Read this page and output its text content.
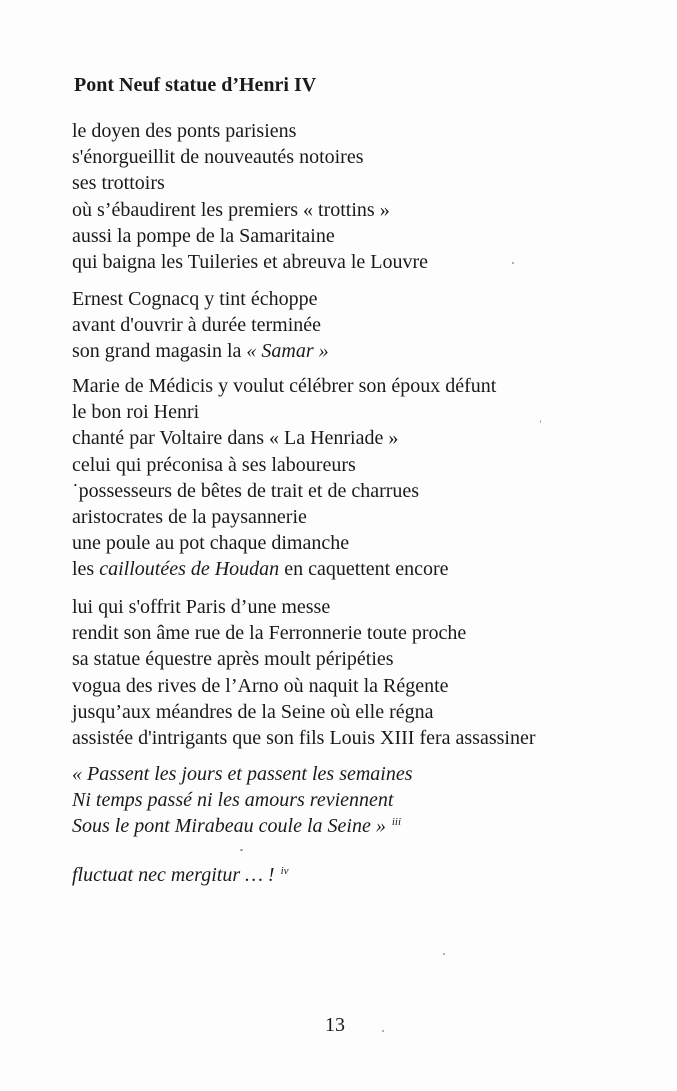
Pont Neuf statue d’Henri IV
le doyen des ponts parisiens
s'énorgueillit de nouveautés notoires
ses trottoirs
où s’ébaudirent les premiers « trottins »
aussi la pompe de la Samaritaine
qui baigna les Tuileries et abreuva le Louvre
Ernest Cognacq y tint échoppe
avant d'ouvrir à durée terminée
son grand magasin la « Samar »
Marie de Médicis y voulut célébrer son époux défunt
le bon roi Henri
chanté par Voltaire dans « La Henriade »
celui qui préconisa à ses laboureurs
˙possesseurs de bêtes de trait et de charrues
aristocrates de la paysannerie
une poule au pot chaque dimanche
les cailloutées de Houdan en caquettent encore
lui qui s'offrit Paris d’une messe
rendit son âme rue de la Ferronnerie toute proche
sa statue équestre après moult péripéties
vogua des rives de l’Arno où naquit la Régente
jusqu’aux méandres de la Seine où elle régna
assistée d'intrigants que son fils Louis XIII fera assassiner
« Passent les jours et passent les semaines
Ni temps passé ni les amours reviennent
Sous le pont Mirabeau coule la Seine » $^{iii}$
fluctuat nec mergitur … ! $^{iv}$
13
